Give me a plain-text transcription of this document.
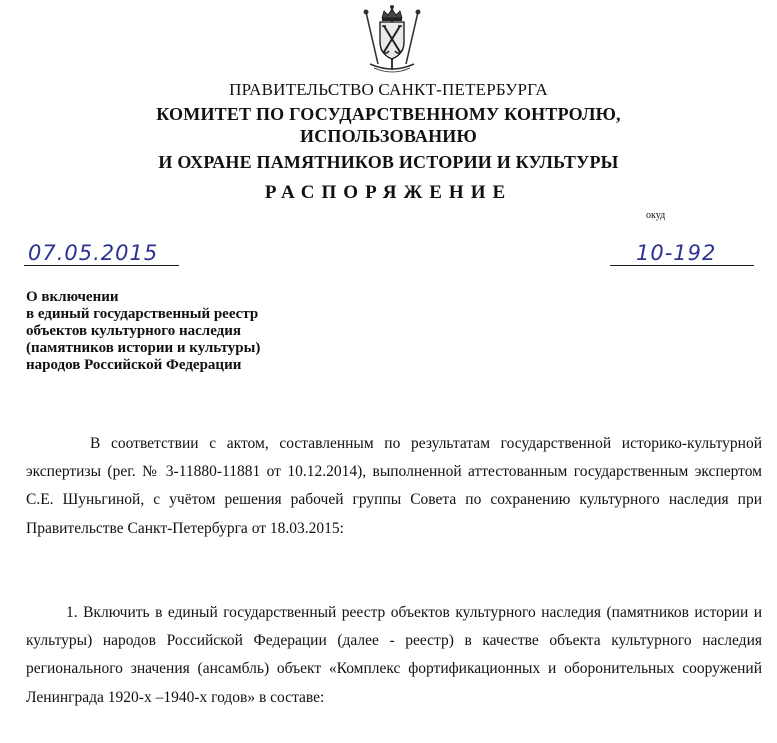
ПРАВИТЕЛЬСТВО САНКТ-ПЕТЕРБУРГА
КОМИТЕТ ПО ГОСУДАРСТВЕННОМУ КОНТРОЛЮ,
ИСПОЛЬЗОВАНИЮ
И ОХРАНЕ ПАМЯТНИКОВ ИСТОРИИ И КУЛЬТУРЫ
РАСПОРЯЖЕНИЕ
окуд
07.05.2015	10-192
О включении
в единый государственный реестр
объектов культурного наследия
(памятников истории и культуры)
народов Российской Федерации

В соответствии с актом, составленным по результатам государственной историко-культурной экспертизы (рег. № 3-11880-11881 от 10.12.2014), выполненной аттестованным государственным экспертом С.Е. Шуньгиной, с учётом решения рабочей группы Совета по сохранению культурного наследия при Правительстве Санкт-Петербурга от 18.03.2015:

1. Включить в единый государственный реестр объектов культурного наследия (памятников истории и культуры) народов Российской Федерации (далее - реестр) в качестве объекта культурного наследия регионального значения (ансамбль) объект «Комплекс фортификационных и оборонительных сооружений Ленинграда 1920-х –1940-х годов» в составе:
